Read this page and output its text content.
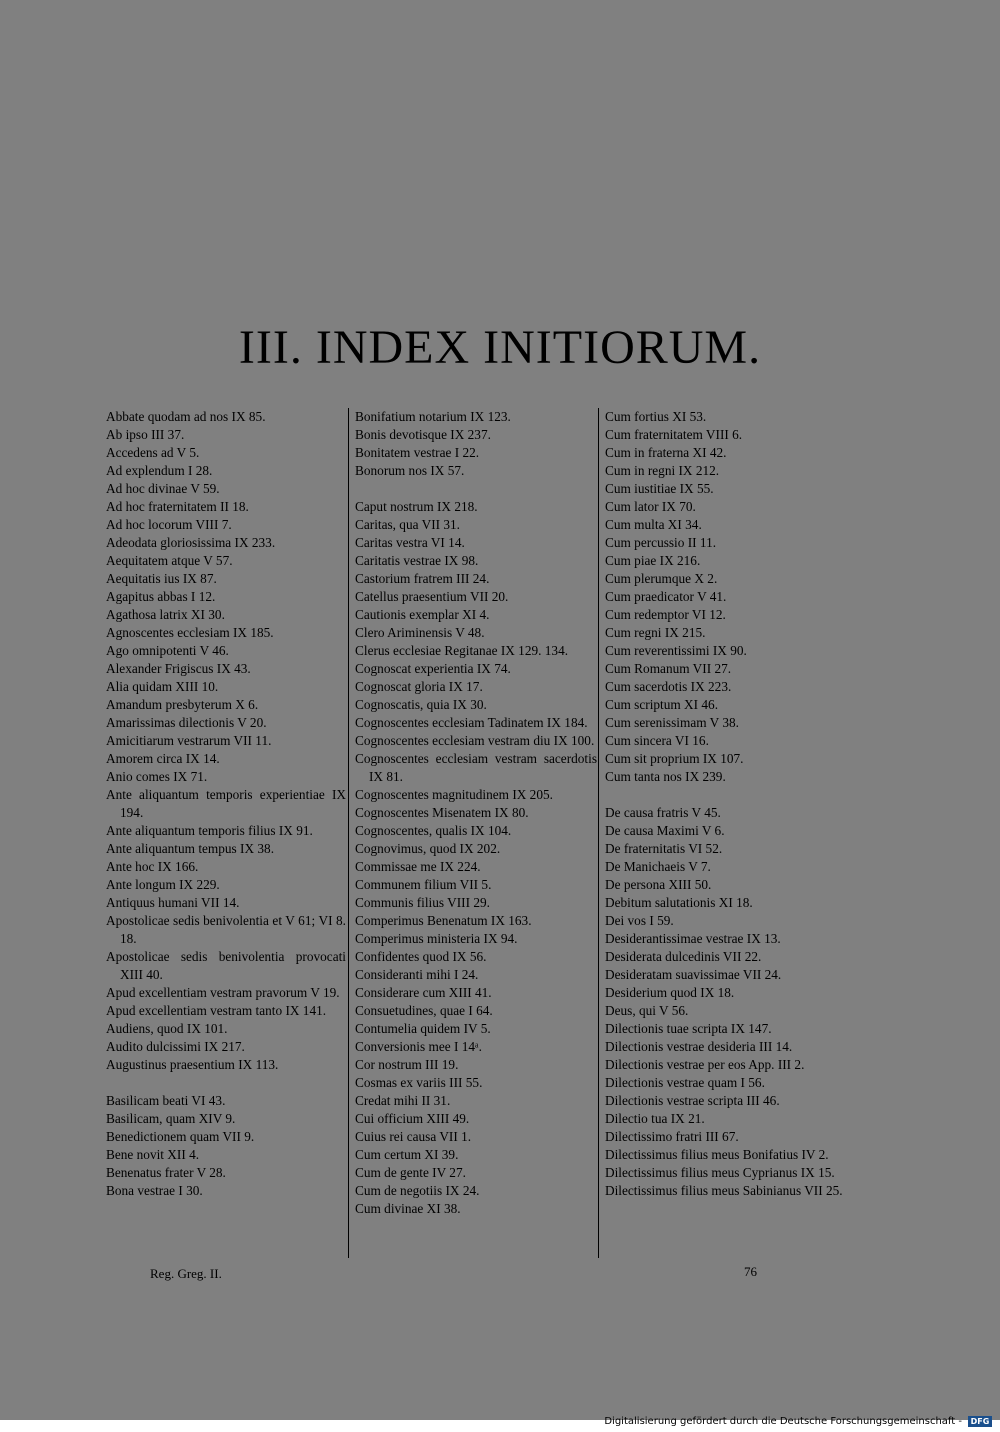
III. INDEX INITIORUM.
Abbate quodam ad nos IX 85.
Ab ipso III 37.
Accedens ad V 5.
Ad explendum I 28.
Ad hoc divinae V 59.
Ad hoc fraternitatem II 18.
Ad hoc locorum VIII 7.
Adeodata gloriosissima IX 233.
Aequitatem atque V 57.
Aequitatis ius IX 87.
Agapitus abbas I 12.
Agathosa latrix XI 30.
Agnoscentes ecclesiam IX 185.
Ago omnipotenti V 46.
Alexander Frigiscus IX 43.
Alia quidam XIII 10.
Amandum presbyterum X 6.
Amarissimas dilectionis V 20.
Amicitiarum vestrarum VII 11.
Amorem circa IX 14.
Anio comes IX 71.
Ante aliquantum temporis experientiae IX 194.
Ante aliquantum temporis filius IX 91.
Ante aliquantum tempus IX 38.
Ante hoc IX 166.
Ante longum IX 229.
Antiquus humani VII 14.
Apostolicae sedis benivolentia et V 61; VI 8. 18.
Apostolicae sedis benivolentia provocati XIII 40.
Apud excellentiam vestram pravorum V 19.
Apud excellentiam vestram tanto IX 141.
Audiens, quod IX 101.
Audito dulcissimi IX 217.
Augustinus praesentium IX 113.
Basilicam beati VI 43.
Basilicam, quam XIV 9.
Benedictionem quam VII 9.
Bene novit XII 4.
Benenatus frater V 28.
Bona vestrae I 30.
Bonifatium notarium IX 123.
Bonis devotisque IX 237.
Bonitatem vestrae I 22.
Bonorum nos IX 57.
Caput nostrum IX 218.
Caritas, qua VII 31.
Caritas vestra VI 14.
Caritatis vestrae IX 98.
Castorium fratrem III 24.
Catellus praesentium VII 20.
Cautionis exemplar XI 4.
Clero Ariminensis V 48.
Clerus ecclesiae Regitanae IX 129. 134.
Cognoscat experientia IX 74.
Cognoscat gloria IX 17.
Cognoscatis, quia IX 30.
Cognoscentes ecclesiam Tadinatem IX 184.
Cognoscentes ecclesiam vestram diu IX 100.
Cognoscentes ecclesiam vestram sacerdotis IX 81.
Cognoscentes magnitudinem IX 205.
Cognoscentes Misenatem IX 80.
Cognoscentes, qualis IX 104.
Cognovimus, quod IX 202.
Commissae me IX 224.
Communem filium VII 5.
Communis filius VIII 29.
Comperimus Benenatum IX 163.
Comperimus ministeria IX 94.
Confidentes quod IX 56.
Consideranti mihi I 24.
Considerare cum XIII 41.
Consuetudines, quae I 64.
Contumelia quidem IV 5.
Conversionis mee I 14ᵃ.
Cor nostrum III 19.
Cosmas ex variis III 55.
Credat mihi II 31.
Cui officium XIII 49.
Cuius rei causa VII 1.
Cum certum XI 39.
Cum de gente IV 27.
Cum de negotiis IX 24.
Cum divinae XI 38.
Cum fortius XI 53.
Cum fraternitatem VIII 6.
Cum in fraterna XI 42.
Cum in regni IX 212.
Cum iustitiae IX 55.
Cum lator IX 70.
Cum multa XI 34.
Cum percussio II 11.
Cum piae IX 216.
Cum plerumque X 2.
Cum praedicator V 41.
Cum redemptor VI 12.
Cum regni IX 215.
Cum reverentissimi IX 90.
Cum Romanum VII 27.
Cum sacerdotis IX 223.
Cum scriptum XI 46.
Cum serenissimam V 38.
Cum sincera VI 16.
Cum sit proprium IX 107.
Cum tanta nos IX 239.
De causa fratris V 45.
De causa Maximi V 6.
De fraternitatis VI 52.
De Manichaeis V 7.
De persona XIII 50.
Debitum salutationis XI 18.
Dei vos I 59.
Desiderantissimae vestrae IX 13.
Desiderata dulcedinis VII 22.
Desideratam suavissimae VII 24.
Desiderium quod IX 18.
Deus, qui V 56.
Dilectionis tuae scripta IX 147.
Dilectionis vestrae desideria III 14.
Dilectionis vestrae per eos App. III 2.
Dilectionis vestrae quam I 56.
Dilectionis vestrae scripta III 46.
Dilectio tua IX 21.
Dilectissimo fratri III 67.
Dilectissimus filius meus Bonifatius IV 2.
Dilectissimus filius meus Cyprianus IX 15.
Dilectissimus filius meus Sabinianus VII 25.
Reg. Greg. II.	76
Digitalisierung gefördert durch die Deutsche Forschungsgemeinschaft -	DFG
